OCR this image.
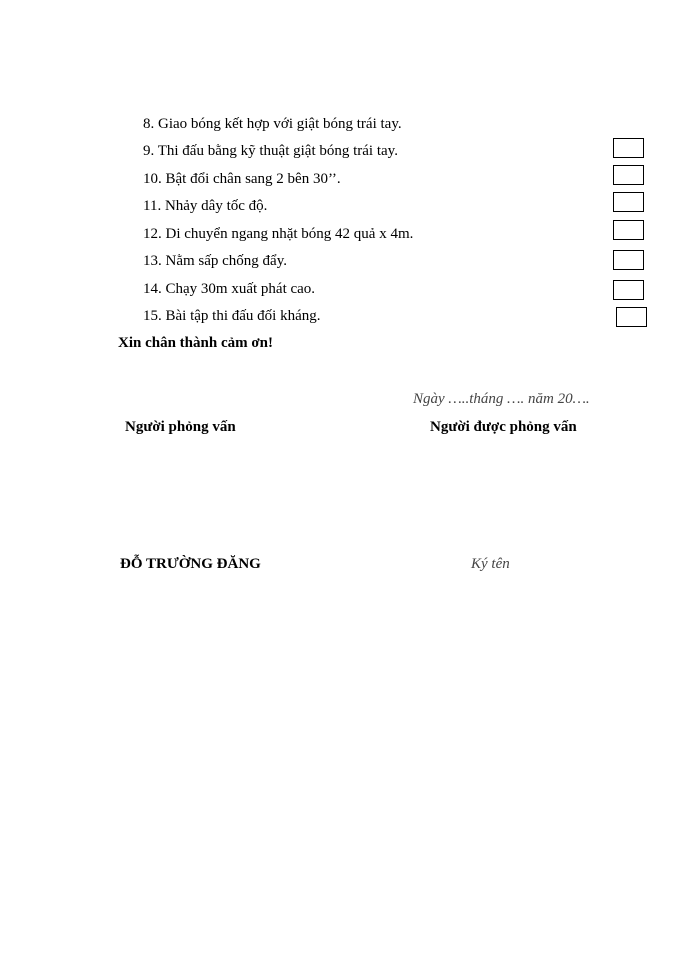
8. Giao bóng kết hợp với giật bóng trái tay.
9. Thi đấu bằng kỹ thuật giật bóng trái tay.
10. Bật đổi chân sang 2 bên 30’’.
11. Nhảy dây tốc độ.
12. Di chuyển ngang nhặt bóng 42 quả x 4m.
13. Nằm sấp chống đẩy.
14. Chạy 30m xuất phát cao.
15. Bài tập thi đấu đối kháng.
Xin chân thành cảm ơn!
Ngày …..tháng …. năm 20….
Người phỏng vấn	Người được phỏng vấn
ĐỖ TRƯỜNG ĐĂNG	Ký tên
